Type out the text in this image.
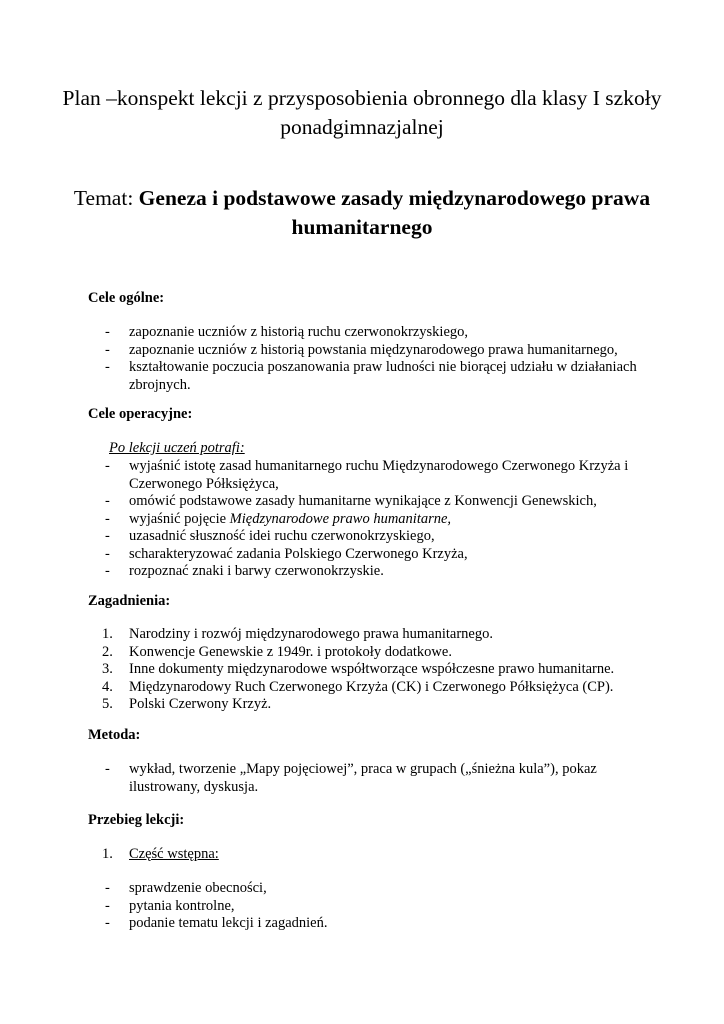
Plan –konspekt lekcji z przysposobienia obronnego dla klasy I szkoły ponadgimnazjalnej
Temat: Geneza i podstawowe zasady międzynarodowego prawa humanitarnego

Cele ogólne:

- zapoznanie uczniów z historią ruchu czerwonokrzyskiego,
- zapoznanie uczniów z historią powstania międzynarodowego prawa humanitarnego,
- kształtowanie poczucia poszanowania praw ludności nie biorącej udziału w działaniach zbrojnych.

Cele operacyjne:

Po lekcji uczeń potrafi:

- wyjaśnić istotę zasad humanitarnego ruchu Międzynarodowego Czerwonego Krzyża i Czerwonego Półksiężyca,
- omówić podstawowe zasady humanitarne wynikające z Konwencji Genewskich,
- wyjaśnić pojęcie Międzynarodowe prawo humanitarne,
- uzasadnić słuszność idei ruchu czerwonokrzyskiego,
- scharakteryzować zadania Polskiego Czerwonego Krzyża,
- rozpoznać znaki i barwy czerwonokrzyskie.

Zagadnienia:

1. Narodziny i rozwój międzynarodowego prawa humanitarnego.
2. Konwencje Genewskie z 1949r. i protokoły dodatkowe.
3. Inne dokumenty międzynarodowe współtworzące współczesne prawo humanitarne.
4. Międzynarodowy Ruch Czerwonego Krzyża (CK) i Czerwonego Półksiężyca (CP).
5. Polski Czerwony Krzyż.

Metoda:

- wykład, tworzenie „Mapy pojęciowej”, praca w grupach („śnieżna kula”), pokaz ilustrowany, dyskusja.

Przebieg lekcji:

1. Część wstępna:
- sprawdzenie obecności,
- pytania kontrolne,
- podanie tematu lekcji i zagadnień.
